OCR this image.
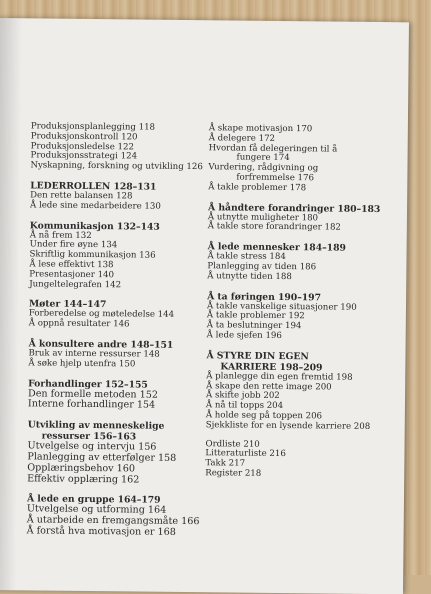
Produksjonsplanlegging 118
Produksjonskontroll 120
Produksjonsledelse 122
Produksjonsstrategi 124
Nyskapning, forskning og utvikling 126
LEDERROLLEN 128–131
Den rette balansen 128
Å lede sine medarbeidere 130
Kommunikasjon 132–143
Å nå frem 132
Under fire øyne 134
Skriftlig kommunikasjon 136
Å lese effektivt 138
Presentasjoner 140
Jungeltelegrafen 142
Møter 144–147
Forberedelse og møteledelse 144
Å oppnå resultater 146
Å konsultere andre 148–151
Bruk av interne ressurser 148
Å søke hjelp utenfra 150
Forhandlinger 152–155
Den formelle metoden 152
Interne forhandlinger 154
Utvikling av menneskelige
ressurser 156–163
Utvelgelse og intervju 156
Planlegging av etterfølger 158
Opplæringsbehov 160
Effektiv opplæring 162
Å lede en gruppe 164–179
Utvelgelse og utforming 164
Å utarbeide en fremgangsmåte 166
Å forstå hva motivasjon er 168
Å skape motivasjon 170
Å delegere 172
Hvordan få delegeringen til å
fungere 174
Vurdering, rådgivning og
forfremmelse 176
Å takle problemer 178
Å håndtere forandringer 180–183
Å utnytte muligheter 180
Å takle store forandringer 182
Å lede mennesker 184–189
Å takle stress 184
Planlegging av tiden 186
Å utnytte tiden 188
Å ta føringen 190–197
Å takle vanskelige situasjoner 190
Å takle problemer 192
Å ta beslutninger 194
Å lede sjefen 196
Å STYRE DIN EGEN
KARRIERE 198–209
Å planlegge din egen fremtid 198
Å skape den rette image 200
Å skifte jobb 202
Å nå til topps 204
Å holde seg på toppen 206
Sjekkliste for en lysende karriere 208
Ordliste 210
Litteraturliste 216
Takk 217
Register 218
